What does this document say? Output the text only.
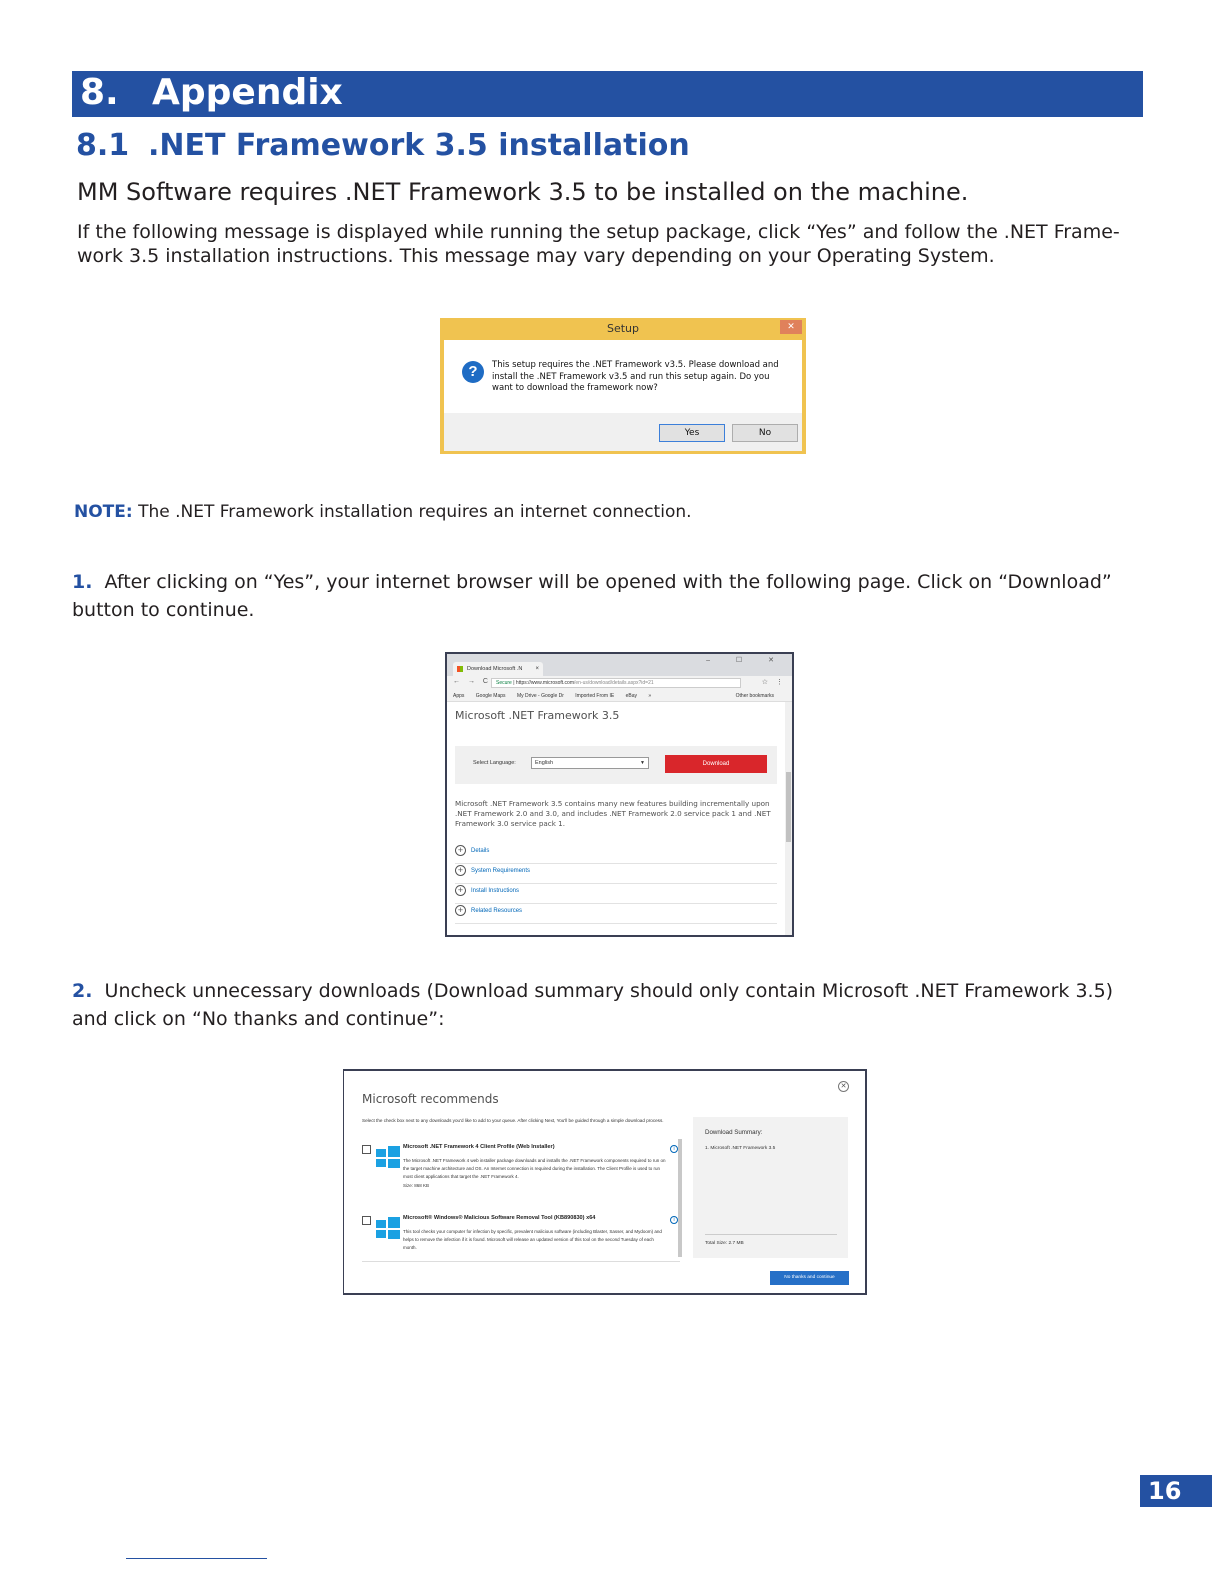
8. Appendix
8.1 .NET Framework 3.5 installation
MM Software requires .NET Framework 3.5 to be installed on the machine.
If the following message is displayed while running the setup package, click “Yes” and follow the .NET Frame-work 3.5 installation instructions. This message may vary depending on your Operating System.
Setup	✕
?	This setup requires the .NET Framework v3.5. Please download and install the .NET Framework v3.5 and run this setup again. Do you want to download the framework now?
Yes	No
NOTE: The .NET Framework installation requires an internet connection.
1. After clicking on “Yes”, your internet browser will be opened with the following page. Click on “Download” button to continue.
Download Microsoft .N ×
– ☐ ✕
← → C	Secure | https://www.microsoft.com/en-us/download/details.aspx?id=21	☆ ⋮
Apps Google Maps My Drive - Google Dr Imported From IE eBay »	Other bookmarks
Microsoft .NET Framework 3.5
Select Language:	English	▼	Download
Microsoft .NET Framework 3.5 contains many new features building incrementally upon .NET Framework 2.0 and 3.0, and includes .NET Framework 2.0 service pack 1 and .NET Framework 3.0 service pack 1.
+	Details
+	System Requirements
+	Install Instructions
+	Related Resources
2. Uncheck unnecessary downloads (Download summary should only contain Microsoft .NET Framework 3.5) and click on “No thanks and continue”:
Microsoft recommends
✕
Select the check box next to any downloads you'd like to add to your queue. After clicking Next, You'll be guided through a simple download process.
Microsoft .NET Framework 4 Client Profile (Web Installer)	i
The Microsoft .NET Framework 4 web installer package downloads and installs the .NET Framework components required to run on the target machine architecture and OS. An Internet connection is required during the installation. The Client Profile is used to run most client applications that target the .NET Framework 4.
Size: 868 KB
Microsoft® Windows® Malicious Software Removal Tool (KB890830) x64	i
This tool checks your computer for infection by specific, prevalent malicious software (including Blaster, Sasser, and Mydoom) and helps to remove the infection if it is found. Microsoft will release an updated version of this tool on the second Tuesday of each month.
Download Summary:
1. Microsoft .NET Framework 3.5
Total Size: 2.7 MB
No thanks and continue
16
